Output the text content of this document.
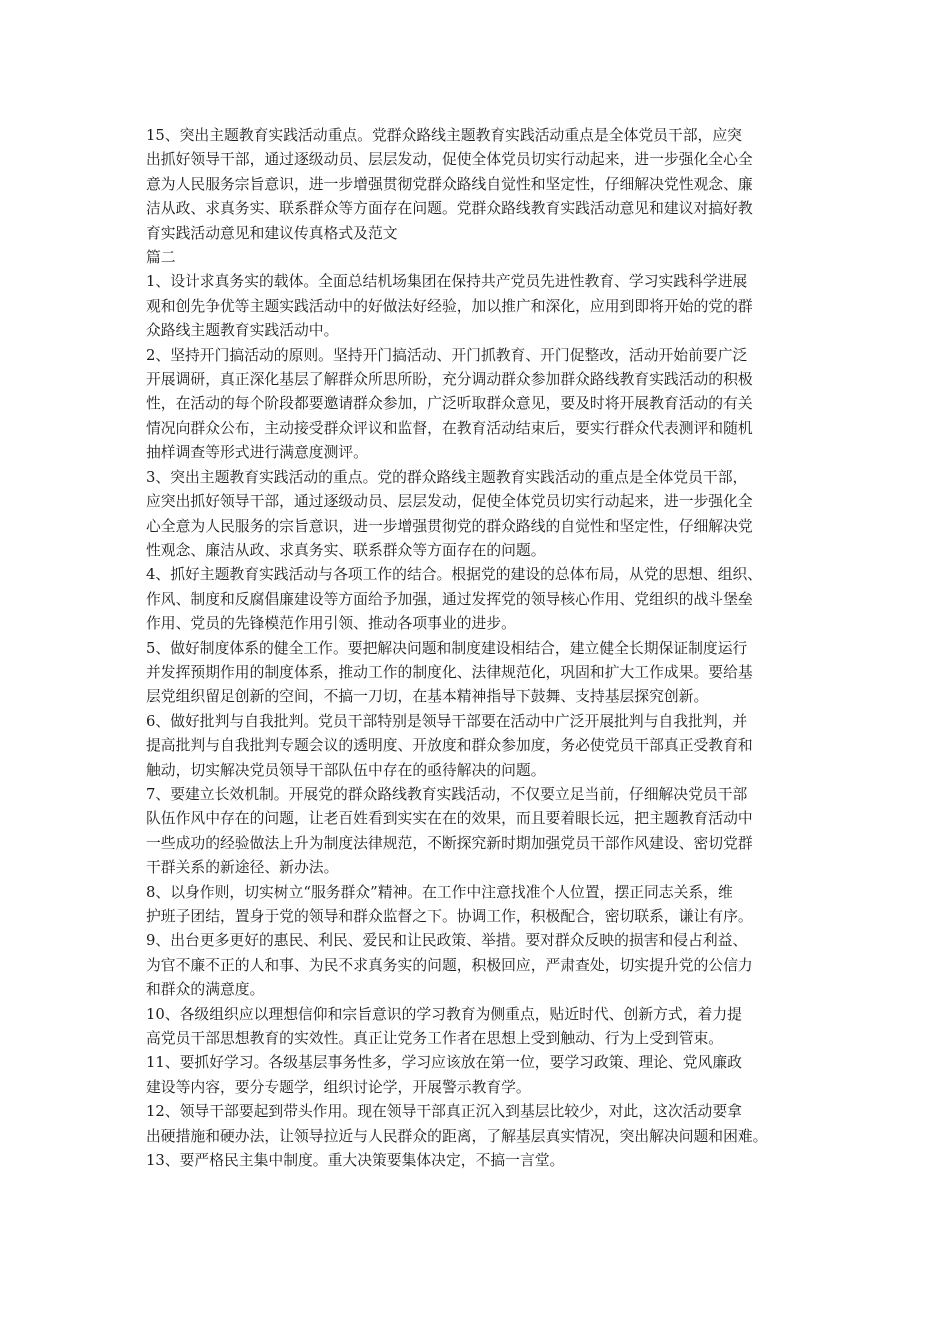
15、突出主题教育实践活动重点。党群众路线主题教育实践活动重点是全体党员干部，应突
出抓好领导干部，通过逐级动员、层层发动，促使全体党员切实行动起来，进一步强化全心全
意为人民服务宗旨意识，进一步增强贯彻党群众路线自觉性和坚定性，仔细解决党性观念、廉
洁从政、求真务实、联系群众等方面存在问题。党群众路线教育实践活动意见和建议对搞好教
育实践活动意见和建议传真格式及范文
篇二
1、设计求真务实的载体。全面总结机场集团在保持共产党员先进性教育、学习实践科学进展
观和创先争优等主题实践活动中的好做法好经验，加以推广和深化，应用到即将开始的党的群
众路线主题教育实践活动中。
2、坚持开门搞活动的原则。坚持开门搞活动、开门抓教育、开门促整改，活动开始前要广泛
开展调研，真正深化基层了解群众所思所盼，充分调动群众参加群众路线教育实践活动的积极
性，在活动的每个阶段都要邀请群众参加，广泛听取群众意见，要及时将开展教育活动的有关
情况向群众公布，主动接受群众评议和监督，在教育活动结束后，要实行群众代表测评和随机
抽样调查等形式进行满意度测评。
3、突出主题教育实践活动的重点。党的群众路线主题教育实践活动的重点是全体党员干部，
应突出抓好领导干部，通过逐级动员、层层发动，促使全体党员切实行动起来，进一步强化全
心全意为人民服务的宗旨意识，进一步增强贯彻党的群众路线的自觉性和坚定性，仔细解决党
性观念、廉洁从政、求真务实、联系群众等方面存在的问题。
4、抓好主题教育实践活动与各项工作的结合。根据党的建设的总体布局，从党的思想、组织、
作风、制度和反腐倡廉建设等方面给予加强，通过发挥党的领导核心作用、党组织的战斗堡垒
作用、党员的先锋模范作用引领、推动各项事业的进步。
5、做好制度体系的健全工作。要把解决问题和制度建设相结合，建立健全长期保证制度运行
并发挥预期作用的制度体系，推动工作的制度化、法律规范化，巩固和扩大工作成果。要给基
层党组织留足创新的空间，不搞一刀切，在基本精神指导下鼓舞、支持基层探究创新。
6、做好批判与自我批判。党员干部特别是领导干部要在活动中广泛开展批判与自我批判，并
提高批判与自我批判专题会议的透明度、开放度和群众参加度，务必使党员干部真正受教育和
触动，切实解决党员领导干部队伍中存在的亟待解决的问题。
7、要建立长效机制。开展党的群众路线教育实践活动，不仅要立足当前，仔细解决党员干部
队伍作风中存在的问题，让老百姓看到实实在在的效果，而且要着眼长远，把主题教育活动中
一些成功的经验做法上升为制度法律规范，不断探究新时期加强党员干部作风建设、密切党群
干群关系的新途径、新办法。
8、以身作则，切实树立“服务群众”精神。在工作中注意找准个人位置，摆正同志关系，维
护班子团结，置身于党的领导和群众监督之下。协调工作，积极配合，密切联系，谦让有序。
9、出台更多更好的惠民、利民、爱民和让民政策、举措。要对群众反映的损害和侵占利益、
为官不廉不正的人和事、为民不求真务实的问题，积极回应，严肃查处，切实提升党的公信力
和群众的满意度。
10、各级组织应以理想信仰和宗旨意识的学习教育为侧重点，贴近时代、创新方式，着力提
高党员干部思想教育的实效性。真正让党务工作者在思想上受到触动、行为上受到管束。
11、要抓好学习。各级基层事务性多，学习应该放在第一位，要学习政策、理论、党风廉政
建设等内容，要分专题学，组织讨论学，开展警示教育学。
12、领导干部要起到带头作用。现在领导干部真正沉入到基层比较少，对此，这次活动要拿
出硬措施和硬办法，让领导拉近与人民群众的距离，了解基层真实情况，突出解决问题和困难。
13、要严格民主集中制度。重大决策要集体决定，不搞一言堂。
